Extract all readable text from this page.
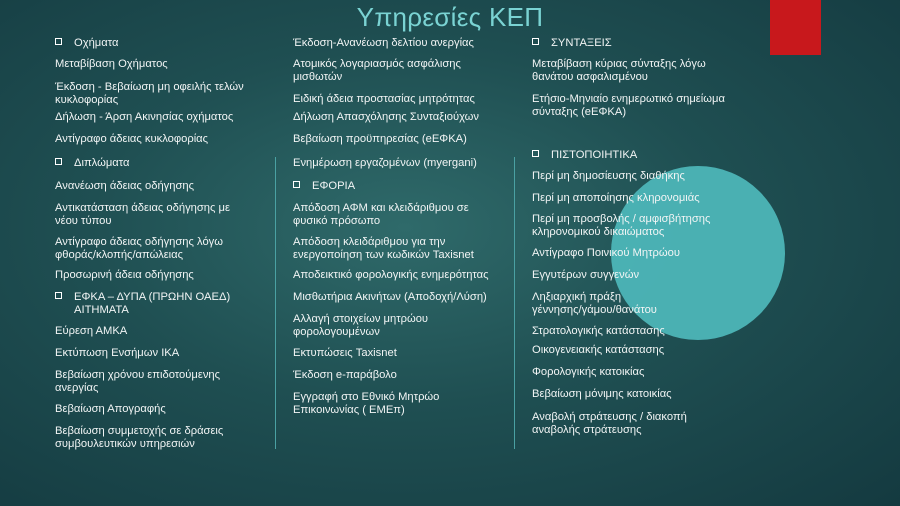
Υπηρεσίες ΚΕΠ
Οχήματα
Μεταβίβαση Οχήματος
Έκδοση - Βεβαίωση μη οφειλής τελών
κυκλοφορίας
Δήλωση - Άρση Ακινησίας οχήματος
Αντίγραφο άδειας κυκλοφορίας
Διπλώματα
Ανανέωση άδειας οδήγησης
Αντικατάσταση άδειας οδήγησης με
νέου τύπου
Αντίγραφο άδειας οδήγησης λόγω
φθοράς/κλοπής/απώλειας
Προσωρινή άδεια οδήγησης
ΕΦΚΑ – ΔΥΠΑ (ΠΡΩΗΝ ΟΑΕΔ)
ΑΙΤΗΜΑΤΑ
Εύρεση ΑΜΚΑ
Εκτύπωση Ενσήμων ΙΚΑ
Βεβαίωση χρόνου επιδοτούμενης
ανεργίας
Βεβαίωση Απογραφής
Βεβαίωση συμμετοχής σε δράσεις
συμβουλευτικών υπηρεσιών
Έκδοση-Ανανέωση δελτίου ανεργίας
Ατομικός λογαριασμός ασφάλισης
μισθωτών
Ειδική άδεια προστασίας μητρότητας
Δήλωση Απασχόλησης Συνταξιούχων
Βεβαίωση προϋπηρεσίας (eΕΦΚΑ)
Ενημέρωση εργαζομένων (myergani)
ΕΦΟΡΙΑ
Απόδοση ΑΦΜ και κλειδάριθμου σε
φυσικό πρόσωπο
Απόδοση κλειδάριθμου για την
ενεργοποίηση των κωδικών Taxisnet
Αποδεικτικό φορολογικής ενημερότητας
Μισθωτήρια Ακινήτων (Αποδοχή/Λύση)
Αλλαγή στοιχείων μητρώου
φορολογουμένων
Εκτυπώσεις Taxisnet
Έκδοση e-παράβολο
Εγγραφή στο Εθνικό Μητρώο
Επικοινωνίας ( ΕΜΕπ)
ΣΥΝΤΑΞΕΙΣ
Μεταβίβαση κύριας σύνταξης λόγω
θανάτου ασφαλισμένου
Ετήσιο-Μηνιαίο ενημερωτικό σημείωμα
σύνταξης (eΕΦΚΑ)
ΠΙΣΤΟΠΟΙΗΤΙΚΑ
Περί μη δημοσίευσης διαθήκης
Περί μη αποποίησης κληρονομιάς
Περί μη προσβολής / αμφισβήτησης
κληρονομικού δικαιώματος
Αντίγραφο Ποινικού Μητρώου
Εγγυτέρων συγγενών
Ληξιαρχική πράξη
γέννησης/γάμου/θανάτου
Στρατολογικής κατάστασης
Οικογενειακής κατάστασης
Φορολογικής κατοικίας
Βεβαίωση μόνιμης κατοικίας
Αναβολή στράτευσης / διακοπή
αναβολής στράτευσης
